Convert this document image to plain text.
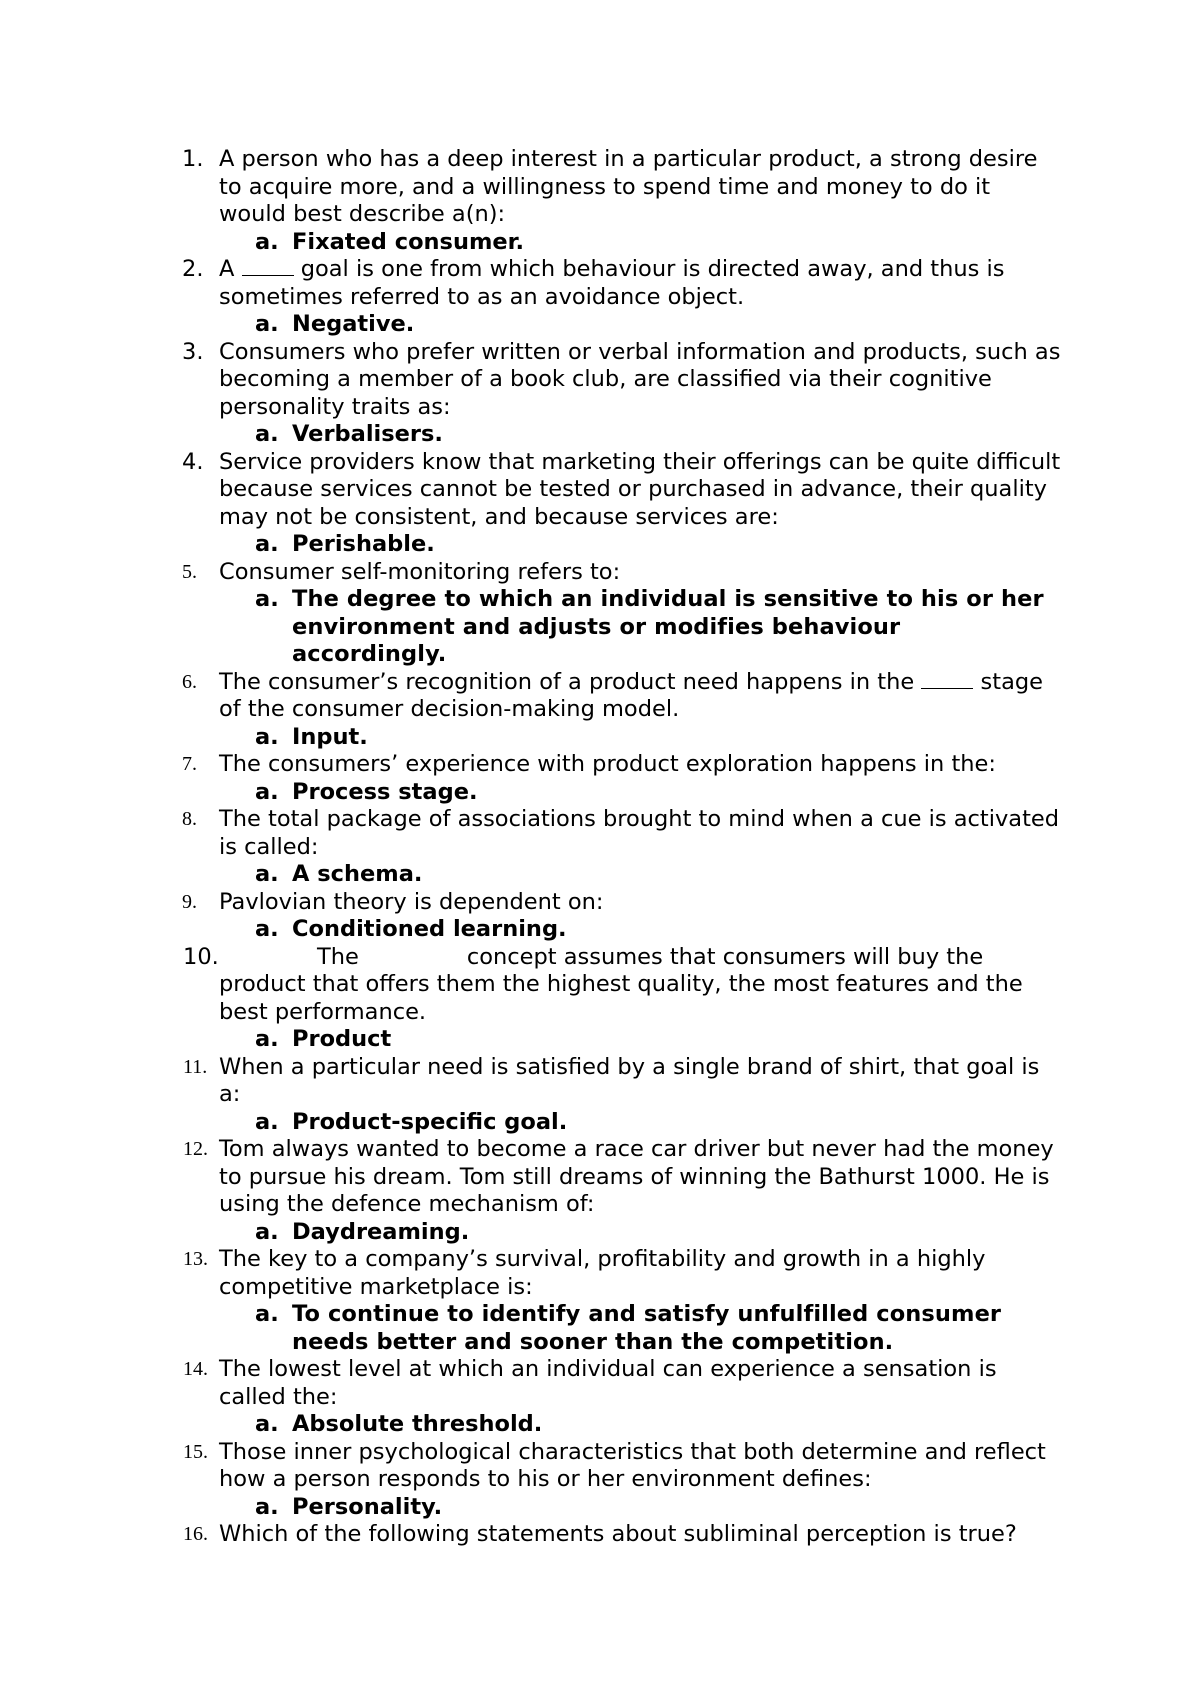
1. A person who has a deep interest in a particular product, a strong desire to acquire more, and a willingness to spend time and money to do it would best describe a(n):
a. Fixated consumer.
2. A	goal is one from which behaviour is directed away, and thus is sometimes referred to as an avoidance object.
a. Negative.
3. Consumers who prefer written or verbal information and products, such as becoming a member of a book club, are classified via their cognitive personality traits as:
a. Verbalisers.
4. Service providers know that marketing their offerings can be quite difficult because services cannot be tested or purchased in advance, their quality may not be consistent, and because services are:
a. Perishable.
5. Consumer self-monitoring refers to:
a. The degree to which an individual is sensitive to his or her environment and adjusts or modifies behaviour accordingly.
6. The consumer’s recognition of a product need happens in the	stage of the consumer decision-making model.
a. Input.
7. The consumers’ experience with product exploration happens in the:
a. Process stage.
8. The total package of associations brought to mind when a cue is activated is called:
a. A schema.
9. Pavlovian theory is dependent on:
a. Conditioned learning.
10.	The	concept assumes that consumers will buy the product that offers them the highest quality, the most features and the best performance.
a. Product
11. When a particular need is satisfied by a single brand of shirt, that goal is a:
a. Product-specific goal.
12. Tom always wanted to become a race car driver but never had the money to pursue his dream. Tom still dreams of winning the Bathurst 1000. He is using the defence mechanism of:
a. Daydreaming.
13. The key to a company’s survival, profitability and growth in a highly competitive marketplace is:
a. To continue to identify and satisfy unfulfilled consumer needs better and sooner than the competition.
14. The lowest level at which an individual can experience a sensation is called the:
a. Absolute threshold.
15. Those inner psychological characteristics that both determine and reflect how a person responds to his or her environment defines:
a. Personality.
16. Which of the following statements about subliminal perception is true?
